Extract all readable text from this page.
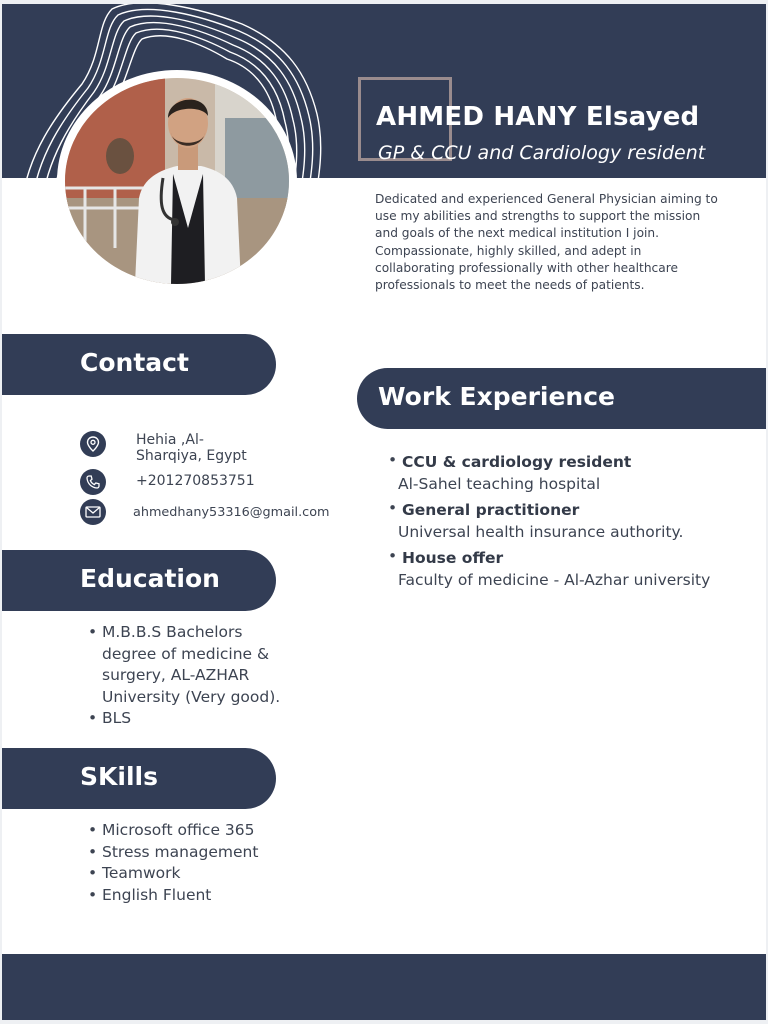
AHMED HANY Elsayed
GP & CCU and Cardiology resident
Dedicated and experienced General Physician aiming to use my abilities and strengths to support the mission and goals of the next medical institution I join. Compassionate, highly skilled, and adept in collaborating professionally with other healthcare professionals to meet the needs of patients.
Contact
Hehia ,Al-
Sharqiya, Egypt
+201270853751
ahmedhany53316@gmail.com
Education
• M.B.B.S Bachelors degree of medicine & surgery, AL-AZHAR University (Very good).
• BLS
SKills
• Microsoft office 365
• Stress management
• Teamwork
• English Fluent
Work Experience
• CCU & cardiology resident
Al-Sahel teaching hospital
• General practitioner
Universal health insurance authority.
• House offer
Faculty of medicine - Al-Azhar university
